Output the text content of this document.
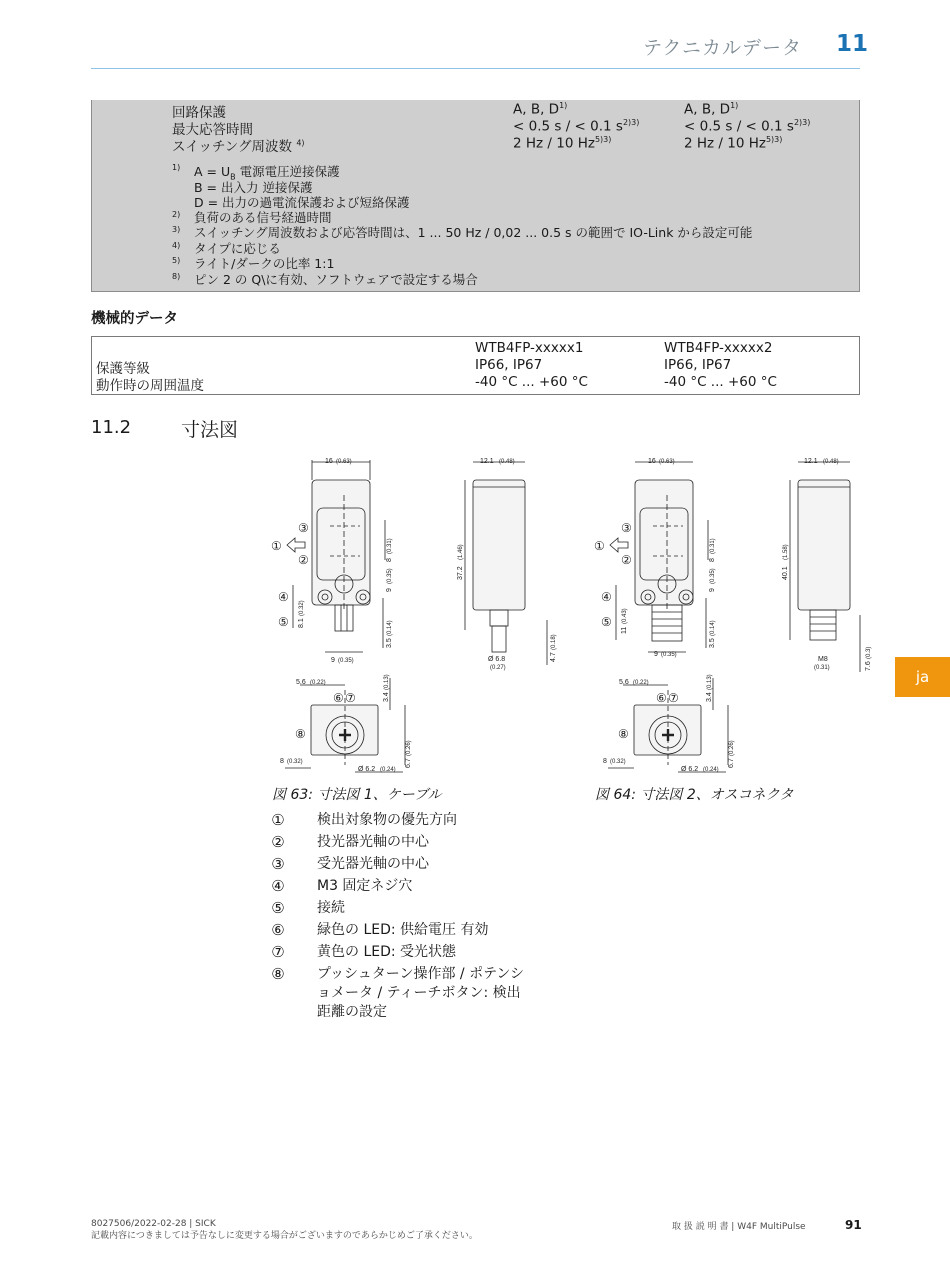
テクニカルデータ 11
回路保護	A, B, $D^{1)}$	A, B, $D^{1)}$
最大応答時間	< 0.5 s / < 0.1 $s^{2)3)}$	< 0.5 s / < 0.1 $s^{2)3)}$
スイッチング周波数 $^{4)}$	2 Hz / 10 $Hz^{5)3)}$	2 Hz / 10 $Hz^{5)3)}$
1) $A = U_B$ 電源電圧逆接保護
B = 出入力 逆接保護
D = 出力の過電流保護および短絡保護
2) 負荷のある信号経過時間
3) スイッチング周波数および応答時間は、1 ... 50 Hz / 0,02 ... 0.5 s の範囲で IO-Link から設定可能
4) タイプに応じる
5) ライト/ダークの比率 1:1
8) ピン 2 の Q\に有効、ソフトウェアで設定する場合
機械的データ
WTB4FP-xxxxx1	WTB4FP-xxxxx2
保護等級	IP66, IP67	IP66, IP67
動作時の周囲温度	-40 °C ... +60 °C	-40 °C ... +60 °C
11.2	寸法図
16 (0.63)	12.1 (0.48)
37.2
(1.46)
8
(0.31)
9
(0.35)
8.1
(0.32)
3.5
(0.14)
9 (0.35)	Ø 6.8
(0.27)
4.7
(0.18)
5.6 (0.22)
3.4
(0.13)
6.7
(0.26)
8 (0.32)
Ø 6.2 (0.24)
16 (0.63)	12.1 (0.48)
40.1
(1.58)
8
(0.31)
9
(0.35)
11
(0.43)
3.5
(0.14)
9 (0.35)
M8
(0.31)	7.6
(0.3)
5.6 (0.22)
3.4
(0.13)
6.7
(0.26)
8 (0.32)
Ø 6.2 (0.24)
③
①
②
④
⑤
⑥ ⑦
⑧
③
①
②
④
⑤
⑥ ⑦
⑧
図 63: 寸法図 1、ケーブル	図 64: 寸法図 2、オスコネクタ
① 検出対象物の優先方向
② 投光器光軸の中心
③ 受光器光軸の中心
④ M3 固定ネジ穴
⑤ 接続
⑥ 緑色の LED: 供給電圧 有効
⑦ 黄色の LED: 受光状態
⑧ プッシュターン操作部 / ポテンシ
ョメータ / ティーチボタン: 検出
距離の設定
ja
8027506/2022-02-28 | SICK
記載内容につきましては予告なしに変更する場合がございますのであらかじめご了承ください。
取 扱 説 明 書 | W4F MultiPulse	91
